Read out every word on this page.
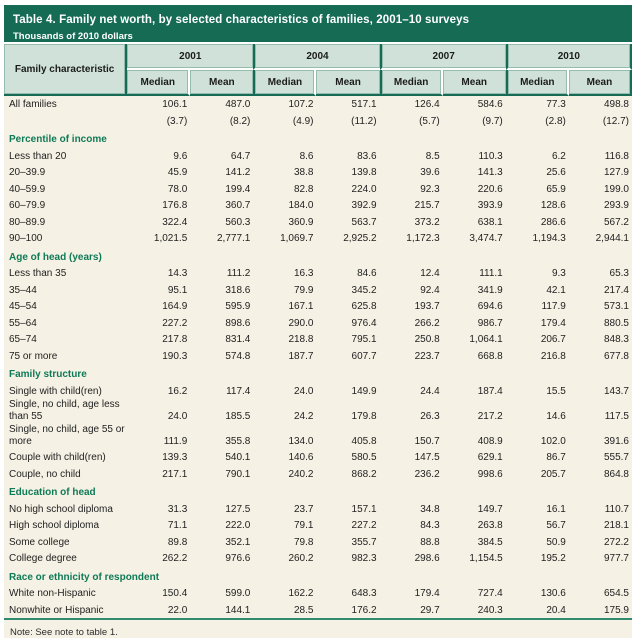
Table 4. Family net worth, by selected characteristics of families, 2001–10 surveys
Thousands of 2010 dollars
Family characteristic	2001		2004		2007		2010	
	Median	Mean	Median	Mean	Median	Mean	Median	Mean
All families	106.1	487.0	107.2	517.1	126.4	584.6	77.3	498.8
	(3.7)	(8.2)	(4.9)	(11.2)	(5.7)	(9.7)	(2.8)	(12.7)
Percentile of income								
Less than 20	9.6	64.7	8.6	83.6	8.5	110.3	6.2	116.8
20–39.9	45.9	141.2	38.8	139.8	39.6	141.3	25.6	127.9
40–59.9	78.0	199.4	82.8	224.0	92.3	220.6	65.9	199.0
60–79.9	176.8	360.7	184.0	392.9	215.7	393.9	128.6	293.9
80–89.9	322.4	560.3	360.9	563.7	373.2	638.1	286.6	567.2
90–100	1,021.5	2,777.1	1,069.7	2,925.2	1,172.3	3,474.7	1,194.3	2,944.1
Age of head (years)								
Less than 35	14.3	111.2	16.3	84.6	12.4	111.1	9.3	65.3
35–44	95.1	318.6	79.9	345.2	92.4	341.9	42.1	217.4
45–54	164.9	595.9	167.1	625.8	193.7	694.6	117.9	573.1
55–64	227.2	898.6	290.0	976.4	266.2	986.7	179.4	880.5
65–74	217.8	831.4	218.8	795.1	250.8	1,064.1	206.7	848.3
75 or more	190.3	574.8	187.7	607.7	223.7	668.8	216.8	677.8
Family structure								
Single with child(ren)	16.2	117.4	24.0	149.9	24.4	187.4	15.5	143.7
Single, no child, age less than 55	24.0	185.5	24.2	179.8	26.3	217.2	14.6	117.5
Single, no child, age 55 or more	111.9	355.8	134.0	405.8	150.7	408.9	102.0	391.6
Couple with child(ren)	139.3	540.1	140.6	580.5	147.5	629.1	86.7	555.7
Couple, no child	217.1	790.1	240.2	868.2	236.2	998.6	205.7	864.8
Education of head								
No high school diploma	31.3	127.5	23.7	157.1	34.8	149.7	16.1	110.7
High school diploma	71.1	222.0	79.1	227.2	84.3	263.8	56.7	218.1
Some college	89.8	352.1	79.8	355.7	88.8	384.5	50.9	272.2
College degree	262.2	976.6	260.2	982.3	298.6	1,154.5	195.2	977.7
Race or ethnicity of respondent								
White non-Hispanic	150.4	599.0	162.2	648.3	179.4	727.4	130.6	654.5
Nonwhite or Hispanic	22.0	144.1	28.5	176.2	29.7	240.3	20.4	175.9
Note: See note to table 1.
